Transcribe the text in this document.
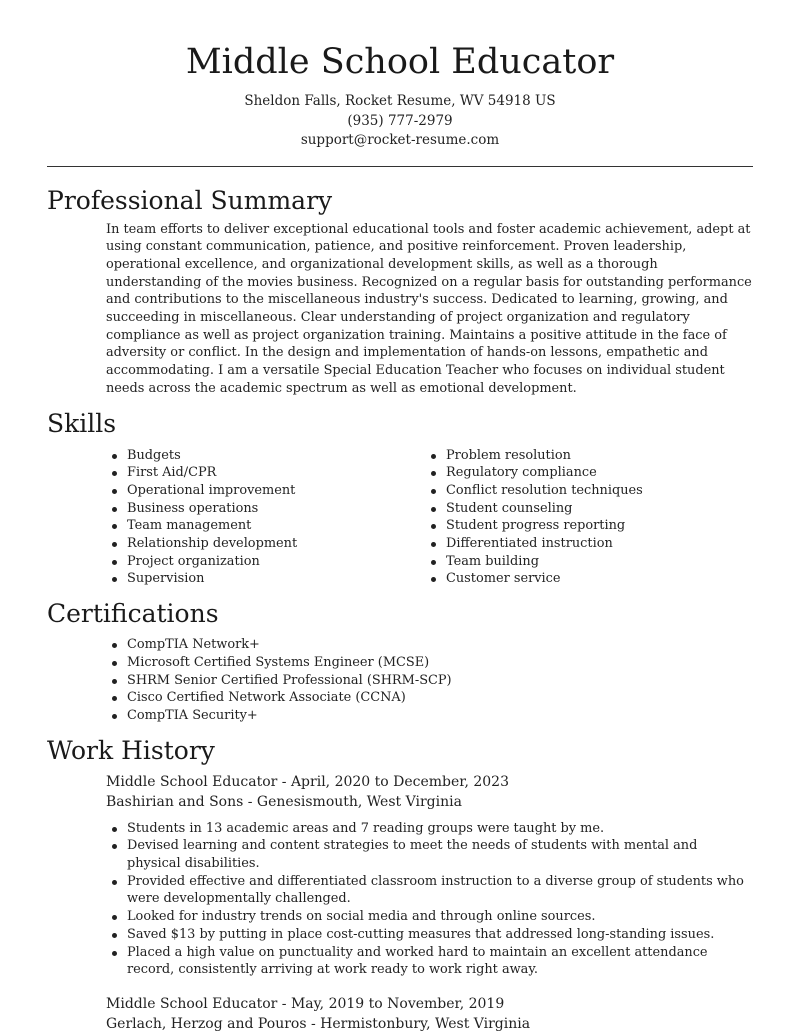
Middle School Educator
Sheldon Falls, Rocket Resume, WV 54918 US
(935) 777-2979
support@rocket-resume.com
Professional Summary
In team efforts to deliver exceptional educational tools and foster academic achievement, adept at using constant communication, patience, and positive reinforcement. Proven leadership, operational excellence, and organizational development skills, as well as a thorough understanding of the movies business. Recognized on a regular basis for outstanding performance and contributions to the miscellaneous industry's success. Dedicated to learning, growing, and succeeding in miscellaneous. Clear understanding of project organization and regulatory compliance as well as project organization training. Maintains a positive attitude in the face of adversity or conflict. In the design and implementation of hands-on lessons, empathetic and accommodating. I am a versatile Special Education Teacher who focuses on individual student needs across the academic spectrum as well as emotional development.
Skills
Budgets
First Aid/CPR
Operational improvement
Business operations
Team management
Relationship development
Project organization
Supervision
Problem resolution
Regulatory compliance
Conflict resolution techniques
Student counseling
Student progress reporting
Differentiated instruction
Team building
Customer service
Certifications
CompTIA Network+
Microsoft Certified Systems Engineer (MCSE)
SHRM Senior Certified Professional (SHRM-SCP)
Cisco Certified Network Associate (CCNA)
CompTIA Security+
Work History
Middle School Educator - April, 2020 to December, 2023
Bashirian and Sons - Genesismouth, West Virginia
Students in 13 academic areas and 7 reading groups were taught by me.
Devised learning and content strategies to meet the needs of students with mental and physical disabilities.
Provided effective and differentiated classroom instruction to a diverse group of students who were developmentally challenged.
Looked for industry trends on social media and through online sources.
Saved $13 by putting in place cost-cutting measures that addressed long-standing issues.
Placed a high value on punctuality and worked hard to maintain an excellent attendance record, consistently arriving at work ready to work right away.
Middle School Educator - May, 2019 to November, 2019
Gerlach, Herzog and Pouros - Hermistonbury, West Virginia
